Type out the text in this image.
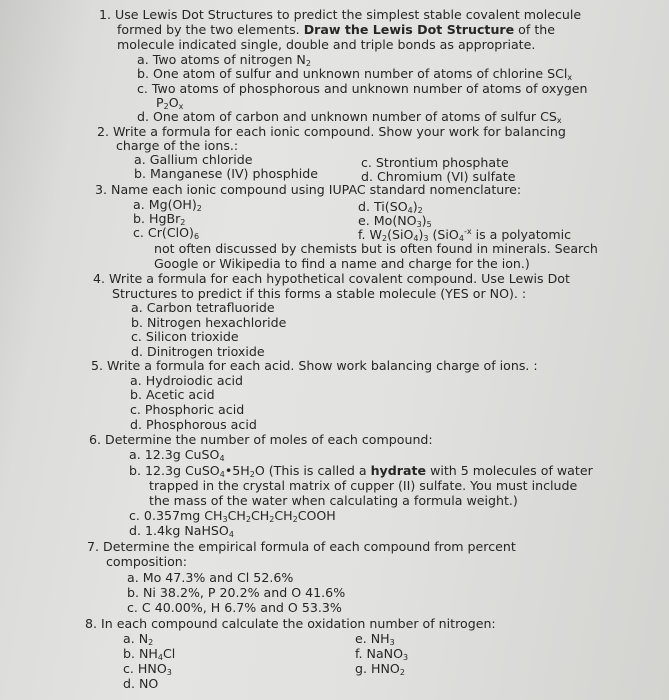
1. Use Lewis Dot Structures to predict the simplest stable covalent molecule

formed by the two elements. Draw the Lewis Dot Structure of the

molecule indicated single, double and triple bonds as appropriate.

a. Two atoms of nitrogen $N_2$

b. One atom of sulfur and unknown number of atoms of chlorine SCl$_x$

c. Two atoms of phosphorous and unknown number of atoms of oxygen

$P_2O_x$

d. One atom of carbon and unknown number of atoms of sulfur $CS_x$

2. Write a formula for each ionic compound. Show your work for balancing

charge of the ions.:

a. Gallium chloride	c. Strontium phosphate

b. Manganese (IV) phosphide	d. Chromium (VI) sulfate

3. Name each ionic compound using IUPAC standard nomenclature:

a. $Mg(OH)_2$	d. $Ti(SO_4)_2$

b. HgBr$_2$	e. $Mo(NO_3)_5$

c. $Cr(ClO)_6$	f. $W_2(SiO_4)_3$ (SiO$_4^{-x}$ is a polyatomic

not often discussed by chemists but is often found in minerals. Search

Google or Wikipedia to find a name and charge for the ion.)

4. Write a formula for each hypothetical covalent compound. Use Lewis Dot

Structures to predict if this forms a stable molecule (YES or NO). :

a. Carbon tetrafluoride

b. Nitrogen hexachloride

c. Silicon trioxide

d. Dinitrogen trioxide

5. Write a formula for each acid. Show work balancing charge of ions. :

a. Hydroiodic acid

b. Acetic acid

c. Phosphoric acid

d. Phosphorous acid

6. Determine the number of moles of each compound:

a. 12.3g CuSO$_4$

b. 12.3g $CuSO_4•5H_2O$ (This is called a hydrate with 5 molecules of water

trapped in the crystal matrix of cupper (II) sulfate. You must include

the mass of the water when calculating a formula weight.)

c. 0.357mg $CH_3CH_2CH_2CH_2COOH$

d. 1.4kg NaHSO$_4$

7. Determine the empirical formula of each compound from percent

composition:

a. Mo 47.3% and Cl 52.6%

b. Ni 38.2%, P 20.2% and O 41.6%

c. C 40.00%, H 6.7% and O 53.3%

8. In each compound calculate the oxidation number of nitrogen:

a. $N_2$	e. $NH_3$

b. $NH_4Cl$	f. NaNO$_3$

c. $HNO_3$	g. $HNO_2$

d. NO
